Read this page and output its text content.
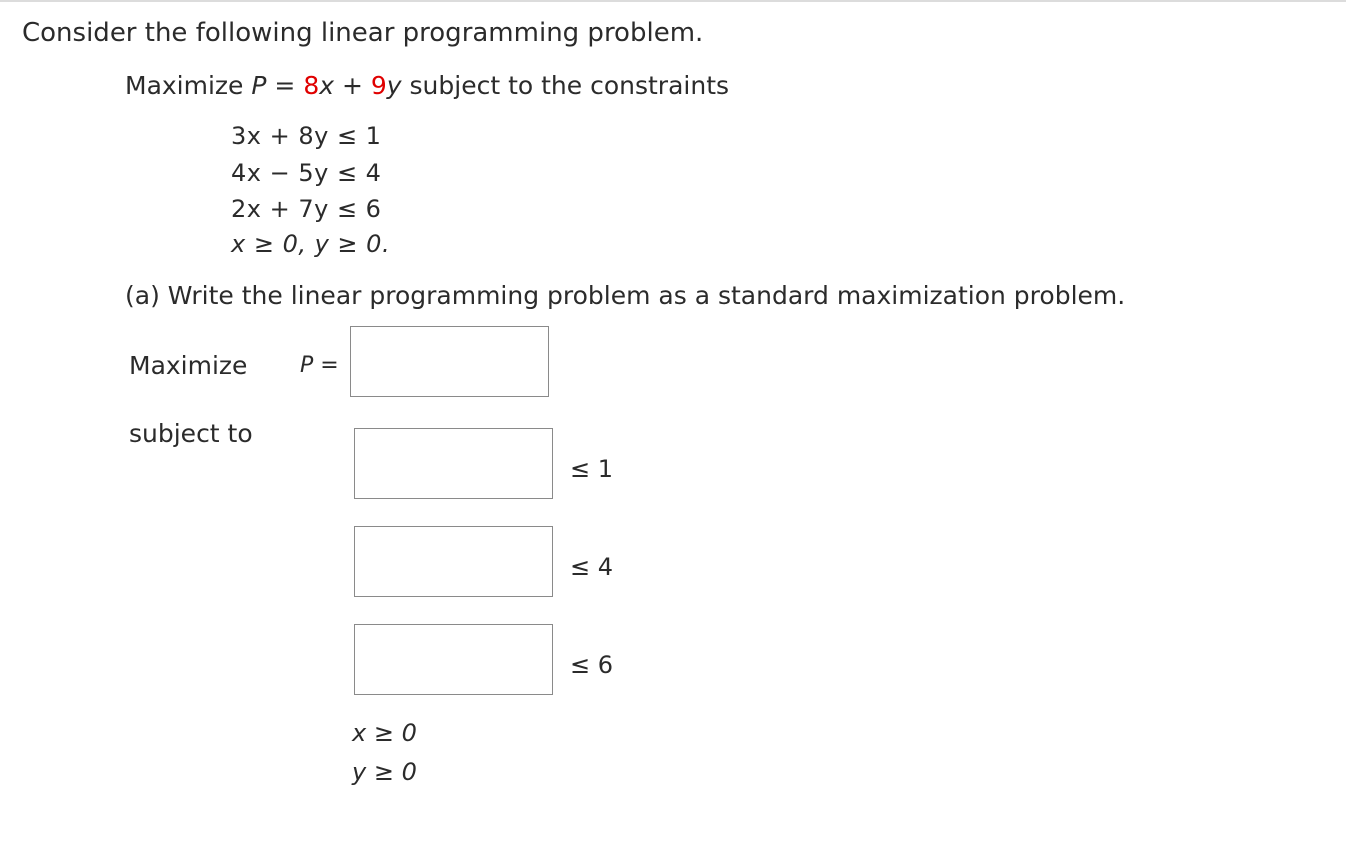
Consider the following linear programming problem.
Maximize P = 8x + 9y subject to the constraints
3x + 8y ≤ 1
4x − 5y ≤ 4
2x + 7y ≤ 6
x ≥ 0, y ≥ 0.
(a) Write the linear programming problem as a standard maximization problem.
Maximize P =
subject to
≤ 1
≤ 4
≤ 6
x ≥ 0
y ≥ 0
